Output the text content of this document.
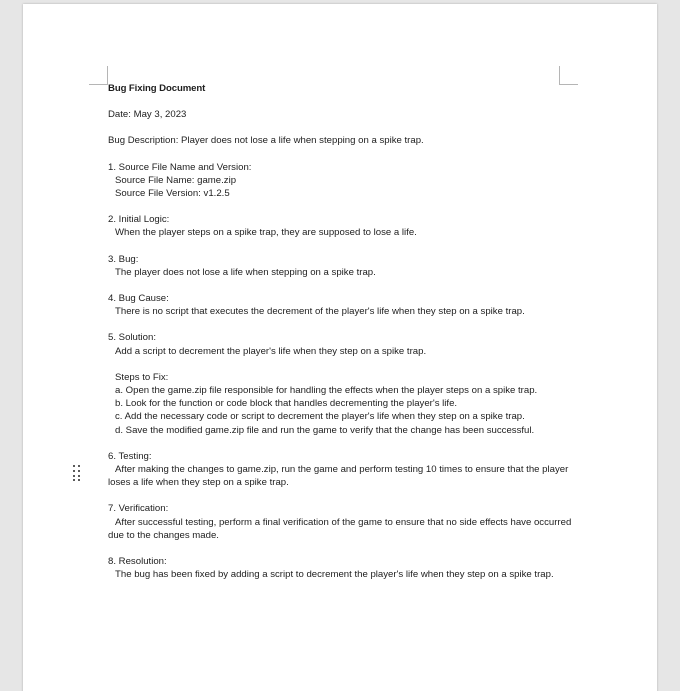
Bug Fixing Document
Date: May 3, 2023
Bug Description: Player does not lose a life when stepping on a spike trap.
1. Source File Name and Version:
Source File Name: game.zip
Source File Version: v1.2.5
2. Initial Logic:
When the player steps on a spike trap, they are supposed to lose a life.
3. Bug:
The player does not lose a life when stepping on a spike trap.
4. Bug Cause:
There is no script that executes the decrement of the player's life when they step on a spike trap.
5. Solution:
Add a script to decrement the player's life when they step on a spike trap.
Steps to Fix:
a. Open the game.zip file responsible for handling the effects when the player steps on a spike trap.
b. Look for the function or code block that handles decrementing the player's life.
c. Add the necessary code or script to decrement the player's life when they step on a spike trap.
d. Save the modified game.zip file and run the game to verify that the change has been successful.
6. Testing:
After making the changes to game.zip, run the game and perform testing 10 times to ensure that the player loses a life when they step on a spike trap.
7. Verification:
After successful testing, perform a final verification of the game to ensure that no side effects have occurred due to the changes made.
8. Resolution:
The bug has been fixed by adding a script to decrement the player's life when they step on a spike trap.
